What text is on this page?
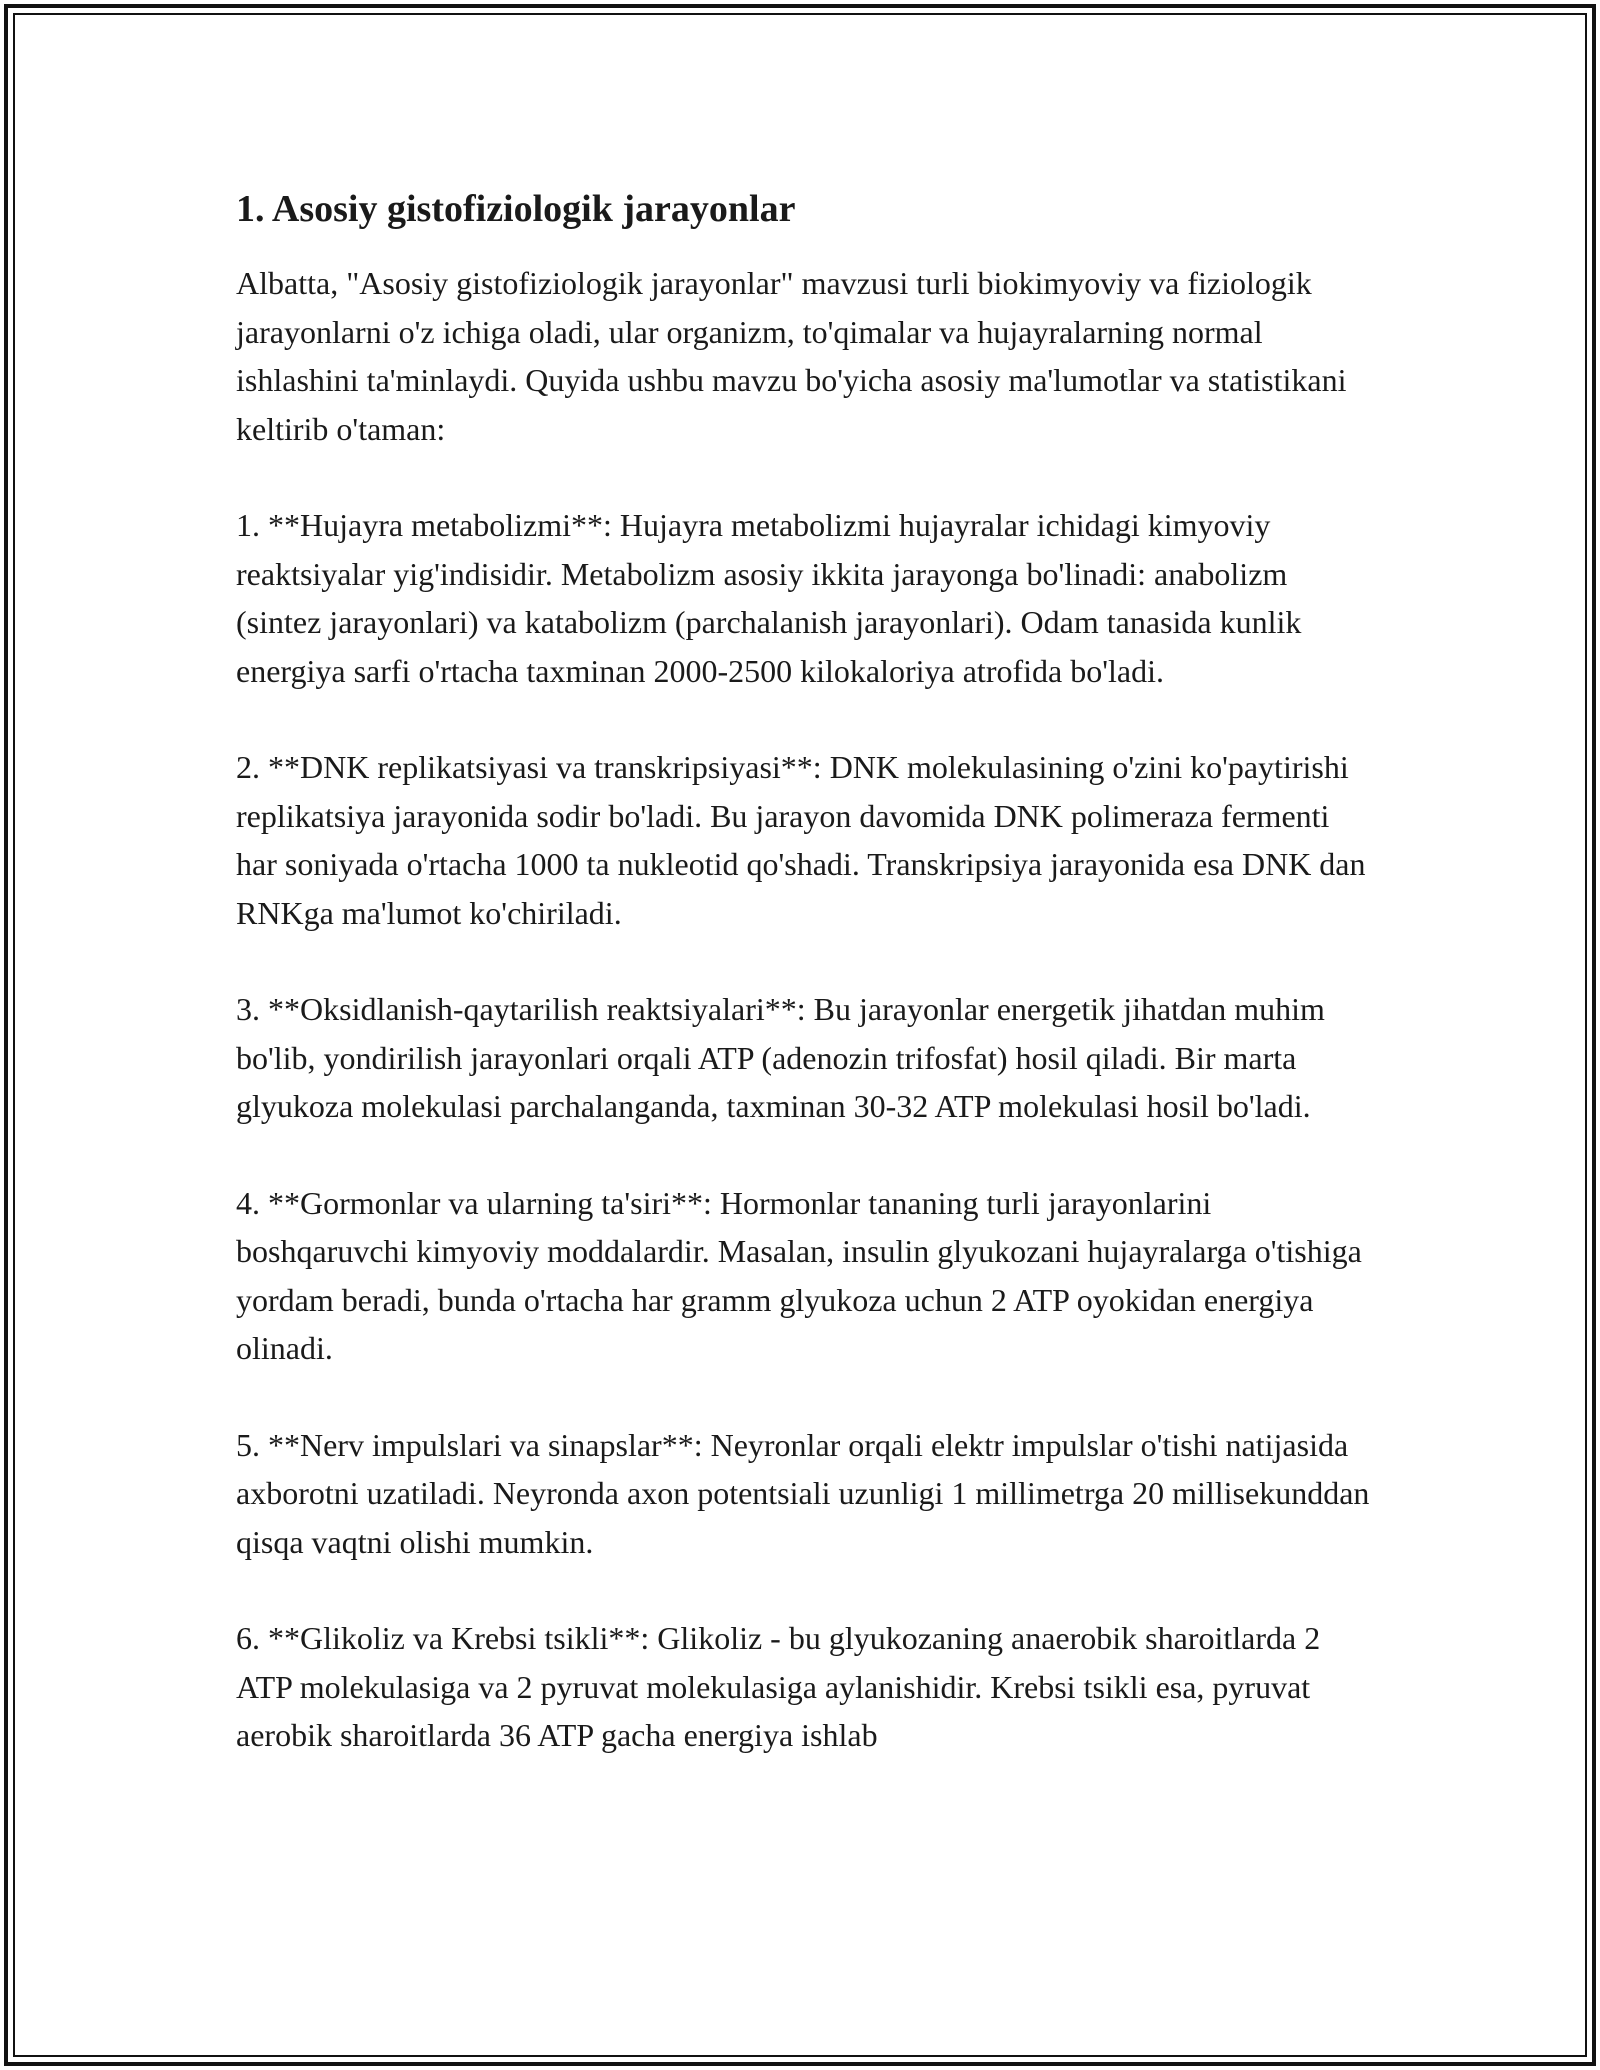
1. Asosiy gistofiziologik jarayonlar

Albatta, "Asosiy gistofiziologik jarayonlar" mavzusi turli biokimyoviy va fiziologik jarayonlarni o'z ichiga oladi, ular organizm, to'qimalar va hujayralarning normal ishlashini ta'minlaydi. Quyida ushbu mavzu bo'yicha asosiy ma'lumotlar va statistikani keltirib o'taman:

1. **Hujayra metabolizmi**: Hujayra metabolizmi hujayralar ichidagi kimyoviy reaktsiyalar yig'indisidir. Metabolizm asosiy ikkita jarayonga bo'linadi: anabolizm (sintez jarayonlari) va katabolizm (parchalanish jarayonlari). Odam tanasida kunlik energiya sarfi o'rtacha taxminan 2000-2500 kilokaloriya atrofida bo'ladi.

2. **DNK replikatsiyasi va transkripsiyasi**: DNK molekulasining o'zini ko'paytirishi replikatsiya jarayonida sodir bo'ladi. Bu jarayon davomida DNK polimeraza fermenti har soniyada o'rtacha 1000 ta nukleotid qo'shadi. Transkripsiya jarayonida esa DNK dan RNKga ma'lumot ko'chiriladi.

3. **Oksidlanish-qaytarilish reaktsiyalari**: Bu jarayonlar energetik jihatdan muhim bo'lib, yondirilish jarayonlari orqali ATP (adenozin trifosfat) hosil qiladi. Bir marta glyukoza molekulasi parchalanganda, taxminan 30-32 ATP molekulasi hosil bo'ladi.

4. **Gormonlar va ularning ta'siri**: Hormonlar tananing turli jarayonlarini boshqaruvchi kimyoviy moddalardir. Masalan, insulin glyukozani hujayralarga o'tishiga yordam beradi, bunda o'rtacha har gramm glyukoza uchun 2 ATP oyokidan energiya olinadi.

5. **Nerv impulslari va sinapslar**: Neyronlar orqali elektr impulslar o'tishi natijasida axborotni uzatiladi. Neyronda axon potentsiali uzunligi 1 millimetrga 20 millisekunddan qisqa vaqtni olishi mumkin.

6. **Glikoliz va Krebsi tsikli**: Glikoliz - bu glyukozaning anaerobik sharoitlarda 2 ATP molekulasiga va 2 pyruvat molekulasiga aylanishidir. Krebsi tsikli esa, pyruvat aerobik sharoitlarda 36 ATP gacha energiya ishlab
